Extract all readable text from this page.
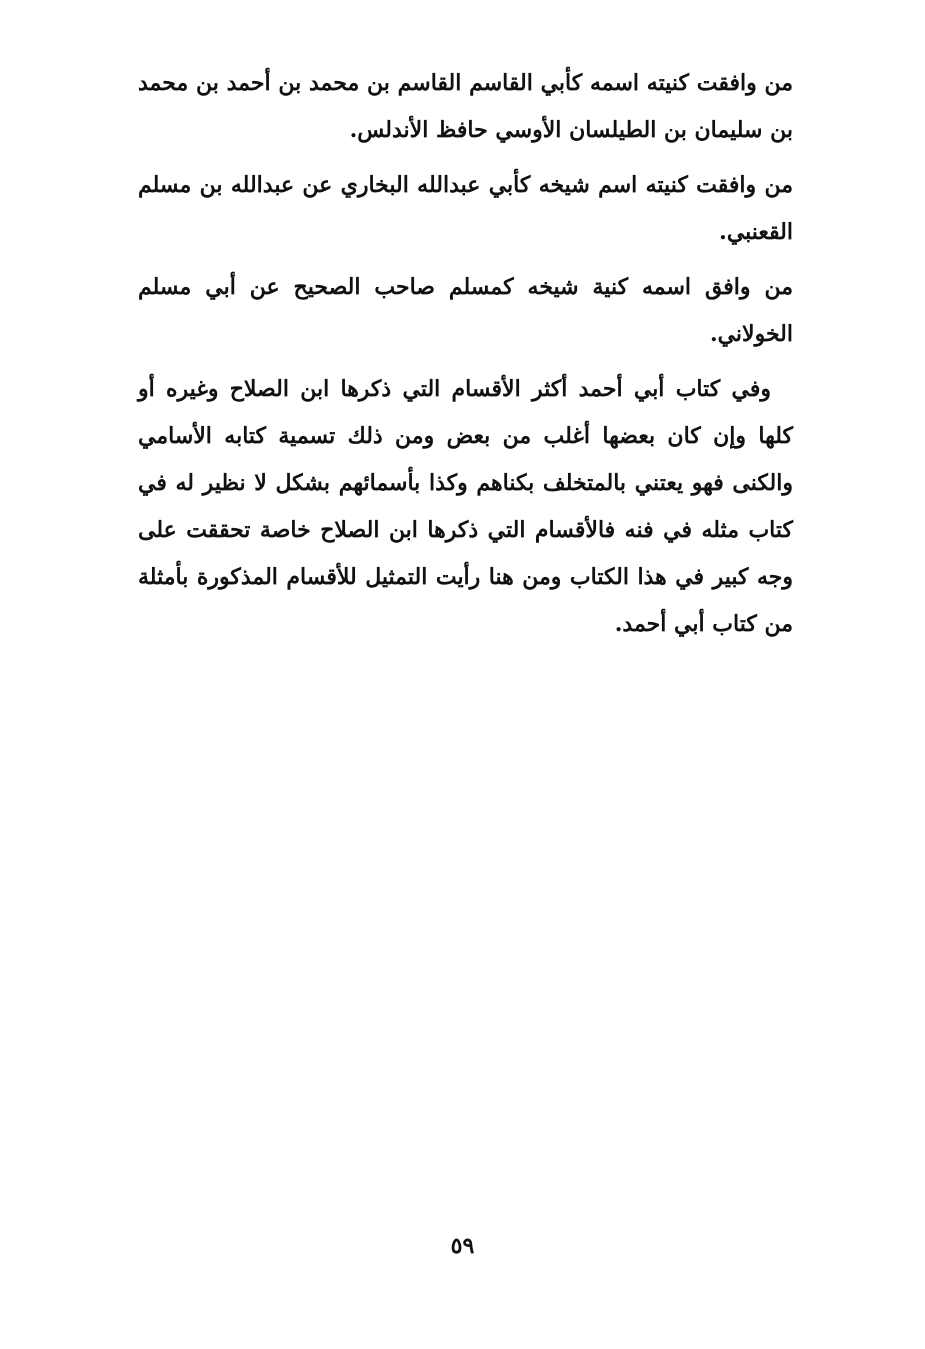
من وافقت كنيته اسمه كأبي القاسم القاسم بن محمد بن أحمد بن محمد بن سليمان بن الطيلسان الأوسي حافظ الأندلس.

من وافقت كنيته اسم شيخه كأبي عبدالله البخاري عن عبدالله بن مسلم القعنبي.

من وافق اسمه كنية شيخه كمسلم صاحب الصحيح عن أبي مسلم الخولاني.

وفي كتاب أبي أحمد أكثر الأقسام التي ذكرها ابن الصلاح وغيره أو كلها وإن كان بعضها أغلب من بعض ومن ذلك تسمية كتابه الأسامي والكنى فهو يعتني بالمتخلف بكناهم وكذا بأسمائهم بشكل لا نظير له في كتاب مثله في فنه فالأقسام التي ذكرها ابن الصلاح خاصة تحققت على وجه كبير في هذا الكتاب ومن هنا رأيت التمثيل للأقسام المذكورة بأمثلة من كتاب أبي أحمد.

٥٩
